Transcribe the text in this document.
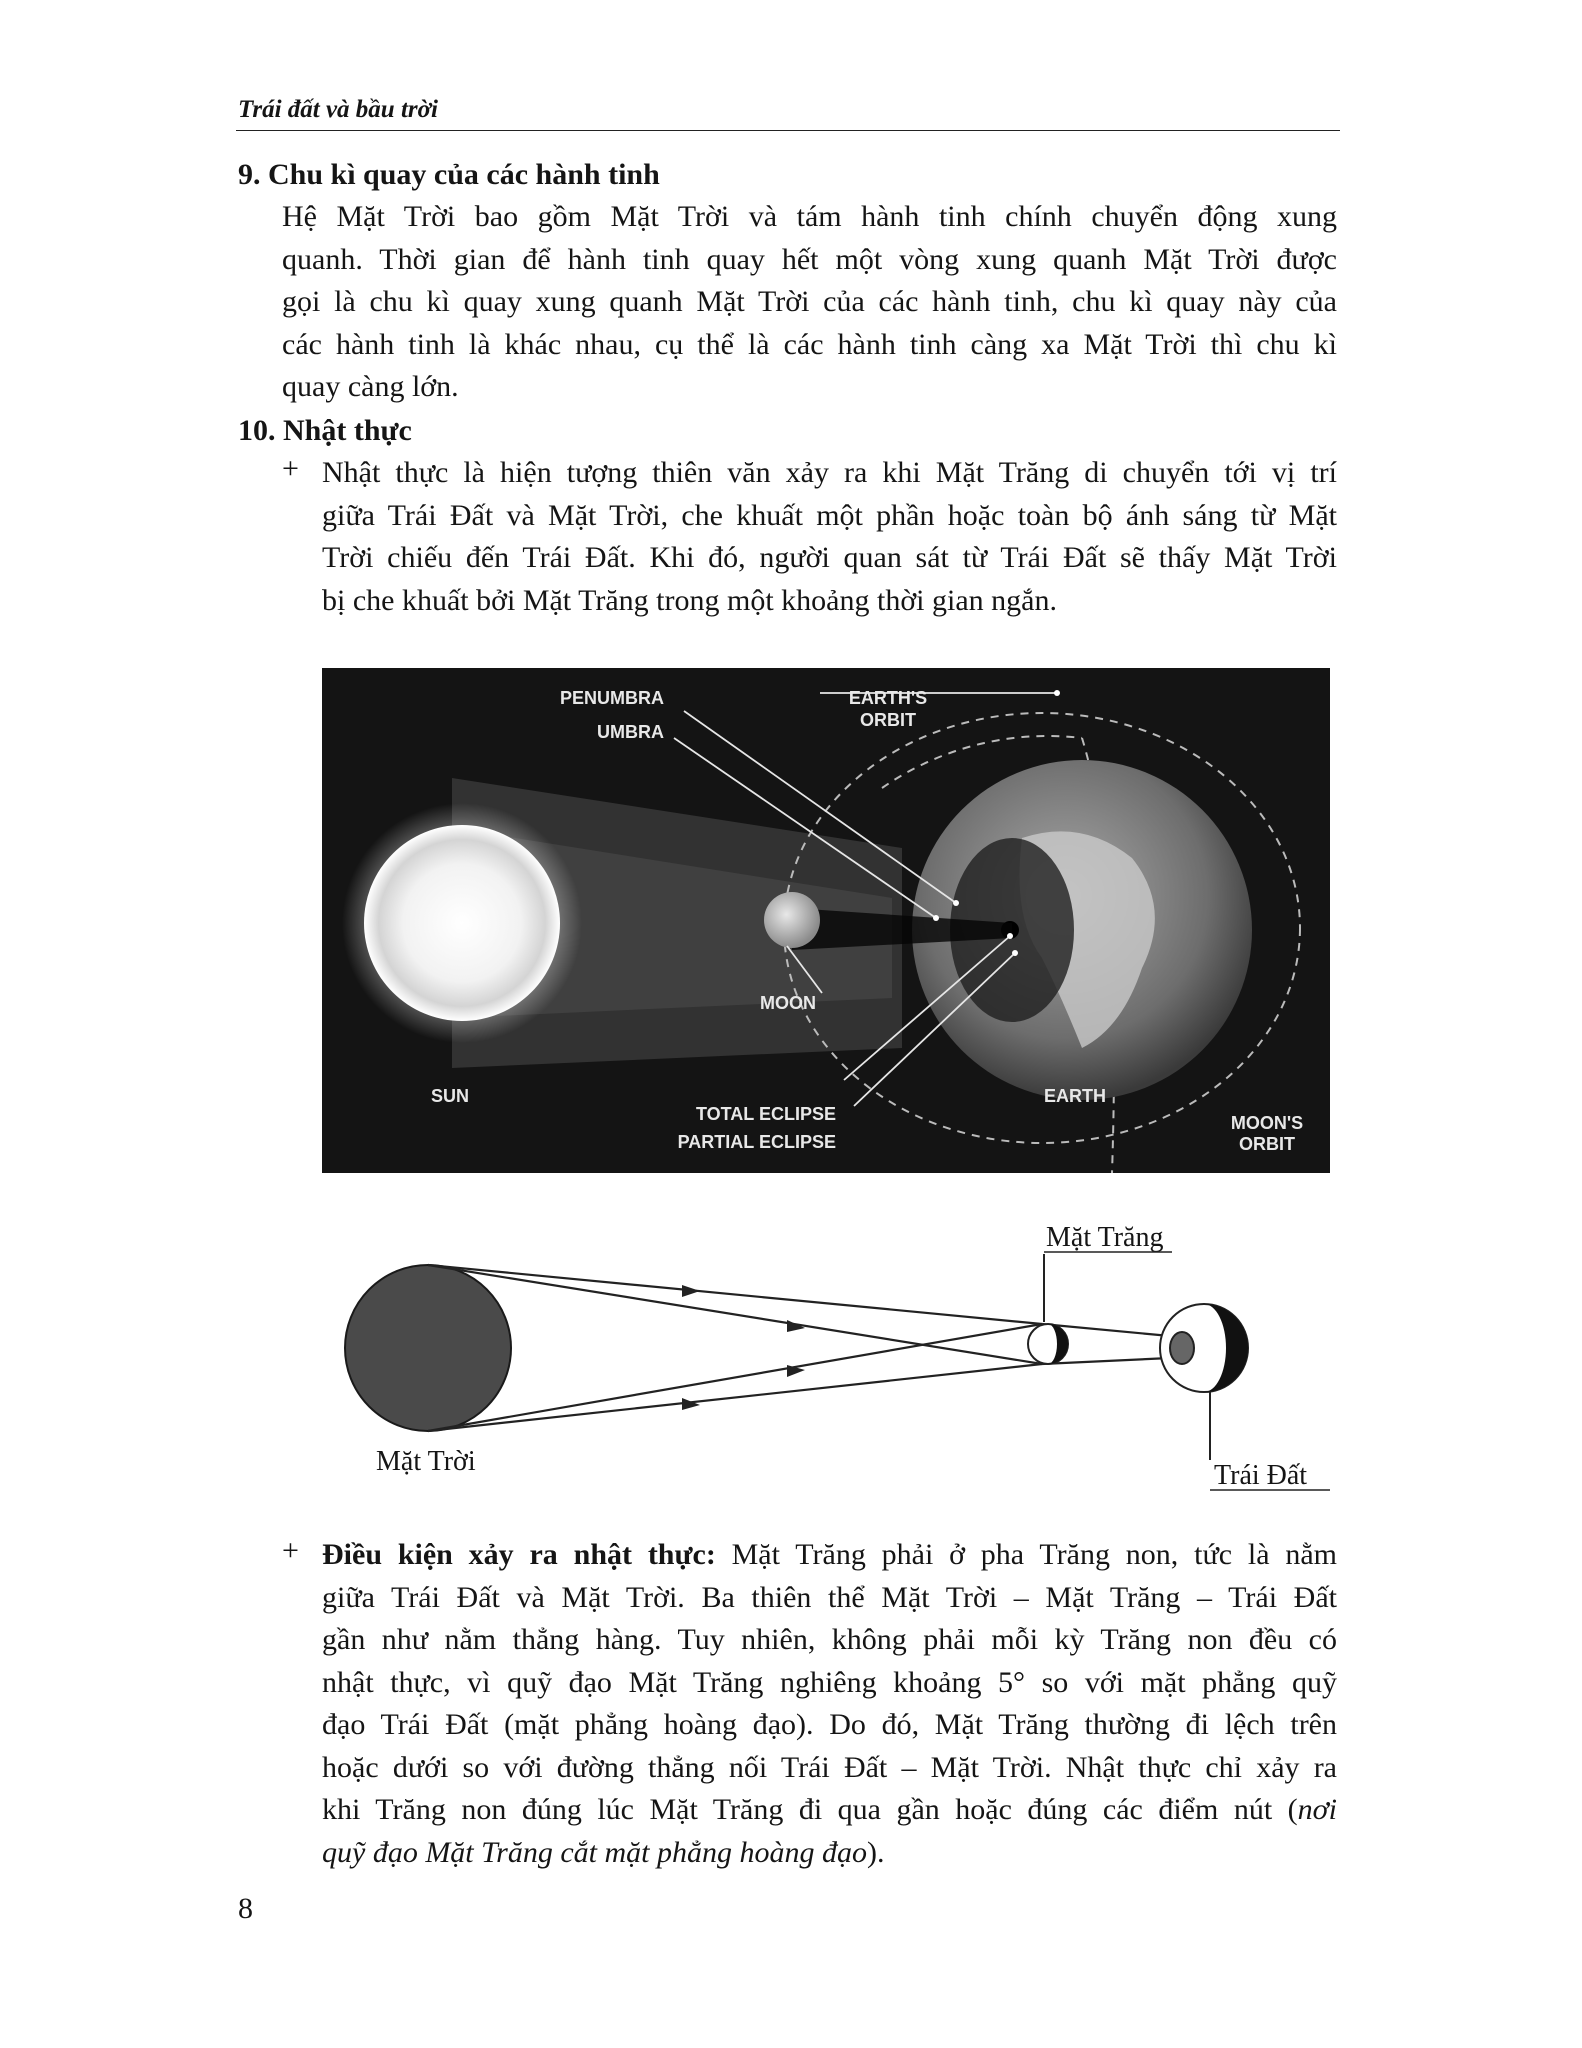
Trái đất và bầu trời
9. Chu kì quay của các hành tinh
Hệ Mặt Trời bao gồm Mặt Trời và tám hành tinh chính chuyển động xung
quanh. Thời gian để hành tinh quay hết một vòng xung quanh Mặt Trời được
gọi là chu kì quay xung quanh Mặt Trời của các hành tinh, chu kì quay này của
các hành tinh là khác nhau, cụ thể là các hành tinh càng xa Mặt Trời thì chu kì
quay càng lớn.
10. Nhật thực
+ Nhật thực là hiện tượng thiên văn xảy ra khi Mặt Trăng di chuyển tới vị trí
giữa Trái Đất và Mặt Trời, che khuất một phần hoặc toàn bộ ánh sáng từ Mặt
Trời chiếu đến Trái Đất. Khi đó, người quan sát từ Trái Đất sẽ thấy Mặt Trời
bị che khuất bởi Mặt Trăng trong một khoảng thời gian ngắn.
PENUMBRA
UMBRA
EARTH'S
ORBIT
MOON
SUN
TOTAL ECLIPSE
PARTIAL ECLIPSE
EARTH
MOON'S
ORBIT
Mặt Trăng
Mặt Trời	Trái Đất
+ Điều kiện xảy ra nhật thực: Mặt Trăng phải ở pha Trăng non, tức là nằm
giữa Trái Đất và Mặt Trời. Ba thiên thể Mặt Trời – Mặt Trăng – Trái Đất
gần như nằm thẳng hàng. Tuy nhiên, không phải mỗi kỳ Trăng non đều có
nhật thực, vì quỹ đạo Mặt Trăng nghiêng khoảng 5° so với mặt phẳng quỹ
đạo Trái Đất (mặt phẳng hoàng đạo). Do đó, Mặt Trăng thường đi lệch trên
hoặc dưới so với đường thẳng nối Trái Đất – Mặt Trời. Nhật thực chỉ xảy ra
khi Trăng non đúng lúc Mặt Trăng đi qua gần hoặc đúng các điểm nút (nơi
quỹ đạo Mặt Trăng cắt mặt phẳng hoàng đạo).
8
